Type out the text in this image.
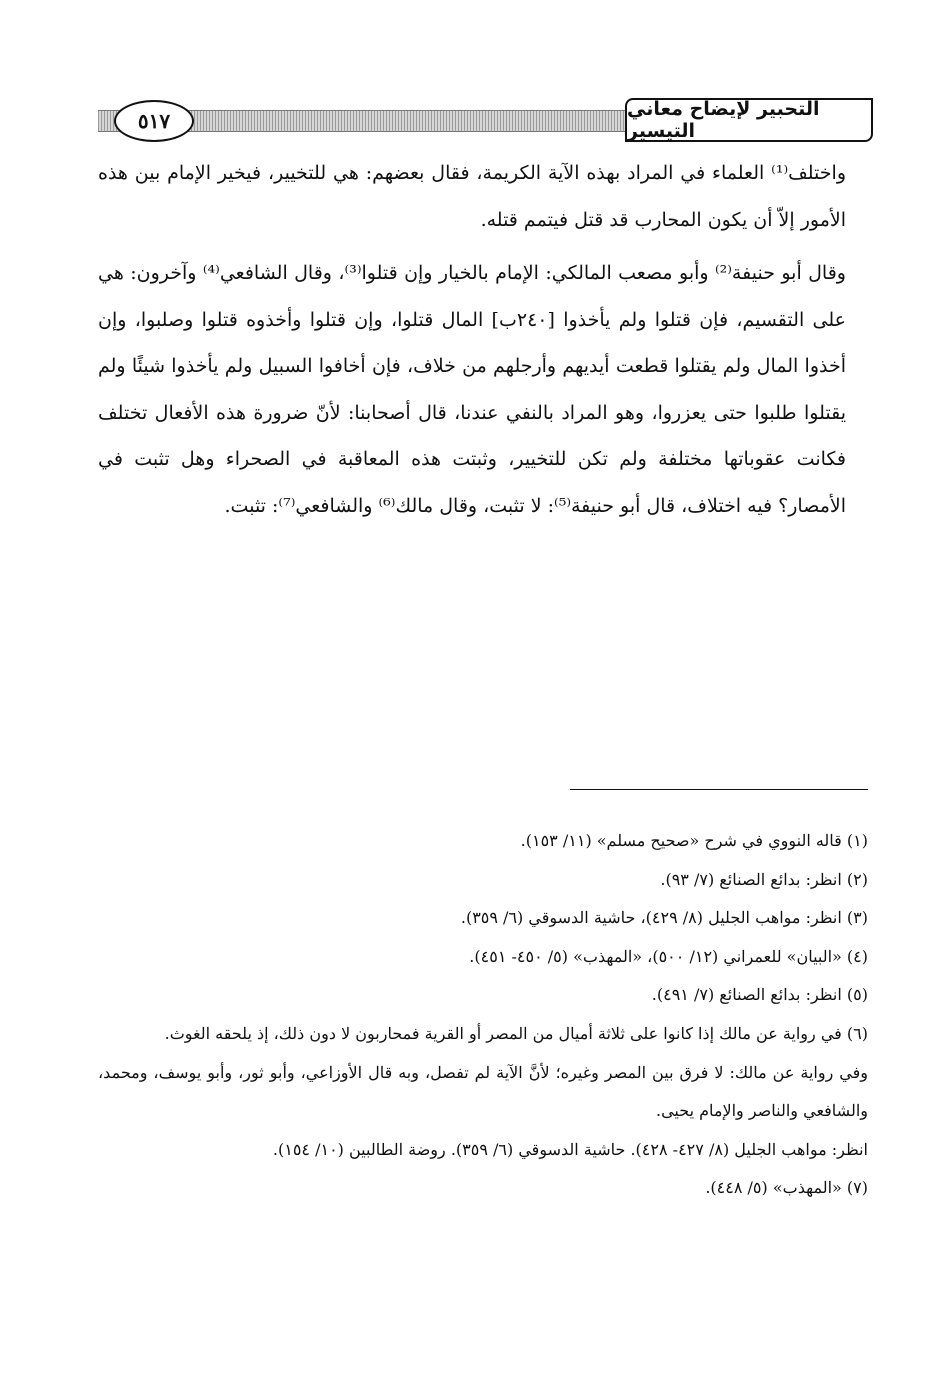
٥١٧	التحبير لإيضاح معاني التيسير

واختلف⁽¹⁾ العلماء في المراد بهذه الآية الكريمة، فقال بعضهم: هي للتخيير، فيخير الإمام بين هذه الأمور إلاّ أن يكون المحارب قد قتل فيتمم قتله.

وقال أبو حنيفة⁽²⁾ وأبو مصعب المالكي: الإمام بالخيار وإن قتلوا⁽³⁾، وقال الشافعي⁽⁴⁾ وآخرون: هي على التقسيم، فإن قتلوا ولم يأخذوا [٢٤٠ب] المال قتلوا، وإن قتلوا وأخذوه قتلوا وصلبوا، وإن أخذوا المال ولم يقتلوا قطعت أيديهم وأرجلهم من خلاف، فإن أخافوا السبيل ولم يأخذوا شيئًا ولم يقتلوا طلبوا حتى يعزروا، وهو المراد بالنفي عندنا، قال أصحابنا: لأنّ ضرورة هذه الأفعال تختلف فكانت عقوباتها مختلفة ولم تكن للتخيير، وثبتت هذه المعاقبة في الصحراء وهل تثبت في الأمصار؟ فيه اختلاف، قال أبو حنيفة⁽⁵⁾: لا تثبت، وقال مالك⁽⁶⁾ والشافعي⁽⁷⁾: تثبت.

(١) قاله النووي في شرح «صحيح مسلم» (١١/ ١٥٣).

(٢) انظر: بدائع الصنائع (٧/ ٩٣).

(٣) انظر: مواهب الجليل (٨/ ٤٢٩)، حاشية الدسوقي (٦/ ٣٥٩).

(٤) «البيان» للعمراني (١٢/ ٥٠٠)، «المهذب» (٥/ ٤٥٠- ٤٥١).

(٥) انظر: بدائع الصنائع (٧/ ٤٩١).

(٦) في رواية عن مالك إذا كانوا على ثلاثة أميال من المصر أو القرية فمحاربون لا دون ذلك، إذ يلحقه الغوث.

وفي رواية عن مالك: لا فرق بين المصر وغيره؛ لأنَّ الآية لم تفصل، وبه قال الأوزاعي، وأبو ثور، وأبو يوسف، ومحمد، والشافعي والناصر والإمام يحيى.

انظر: مواهب الجليل (٨/ ٤٢٧- ٤٢٨). حاشية الدسوقي (٦/ ٣٥٩). روضة الطالبين (١٠/ ١٥٤).

(٧) «المهذب» (٥/ ٤٤٨).
